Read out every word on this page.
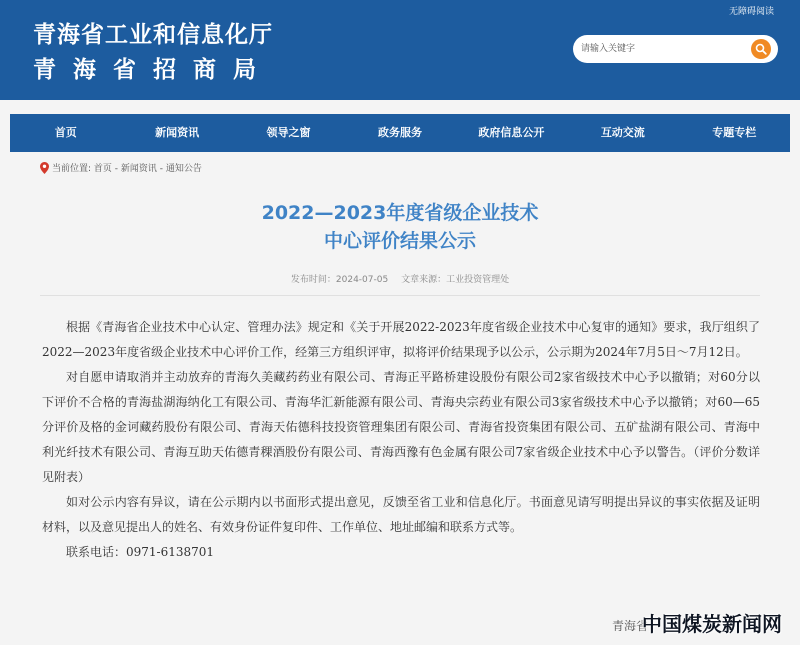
青海省工业和信息化厅
青海省招商局
无障碍阅读
请输入关键字
首页	新闻资讯	领导之窗	政务服务	政府信息公开	互动交流	专题专栏
当前位置: 首页 - 新闻资讯 - 通知公告
2022—2023年度省级企业技术
中心评价结果公示
发布时间：2024-07-05 文章来源：工业投资管理处

根据《青海省企业技术中心认定、管理办法》规定和《关于开展2022-2023年度省级企业技术中心复审的通知》要求，我厅组织了2022—2023年度省级企业技术中心评价工作，经第三方组织评审，拟将评价结果现予以公示，公示期为2024年7月5日～7月12日。

对自愿申请取消并主动放弃的青海久美藏药药业有限公司、青海正平路桥建设股份有限公司2家省级技术中心予以撤销；对60分以下评价不合格的青海盐湖海纳化工有限公司、青海华汇新能源有限公司、青海央宗药业有限公司3家省级技术中心予以撤销；对60—65分评价及格的金诃藏药股份有限公司、青海天佑德科技投资管理集团有限公司、青海省投资集团有限公司、五矿盐湖有限公司、青海中利光纤技术有限公司、青海互助天佑德青稞酒股份有限公司、青海西豫有色金属有限公司7家省级企业技术中心予以警告。（评价分数详见附表）

如对公示内容有异议，请在公示期内以书面形式提出意见，反馈至省工业和信息化厅。书面意见请写明提出异议的事实依据及证明材料，以及意见提出人的姓名、有效身份证件复印件、工作单位、地址邮编和联系方式等。

联系电话：0971-6138701

青海省
中国煤炭新闻网
